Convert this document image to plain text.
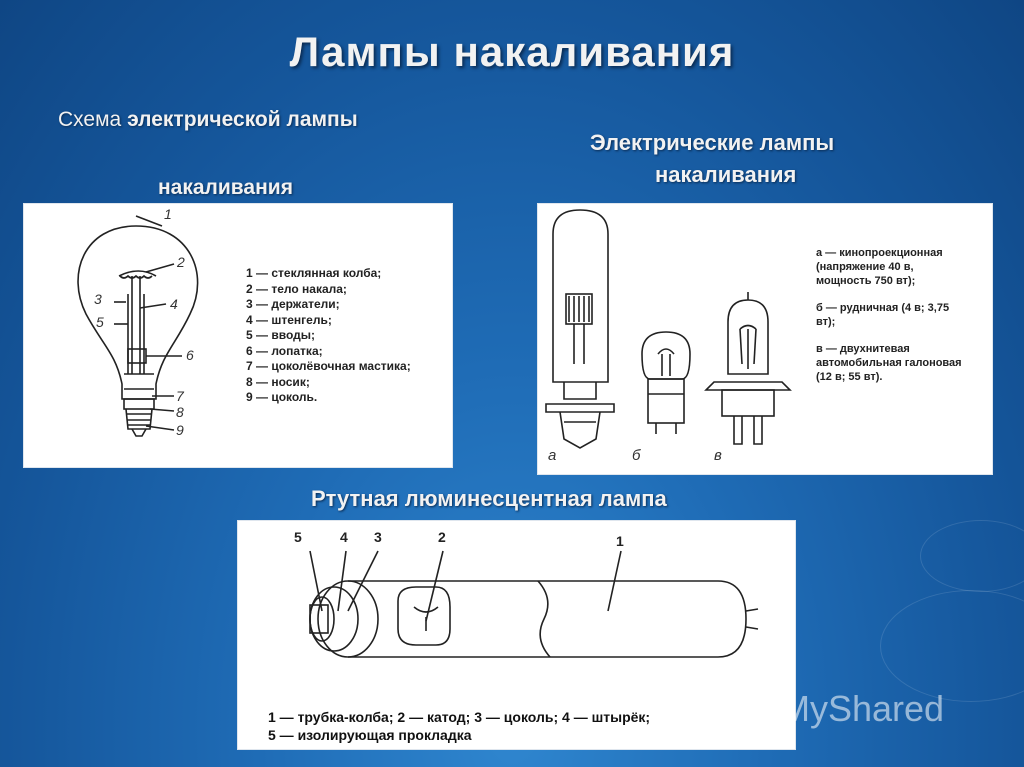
Лампы накаливания
Схема электрической лампы
накаливания
Электрические лампы
накаливания
1
2
3	4
5
6
7
8
9
1 — стеклянная колба;
2 — тело накала;
3 — держатели;
4 — штенгель;
5 — вводы;
6 — лопатка;
7 — цоколёвочная мастика;
8 — носик;
9 — цоколь.
а	б	в
а — кинопроекционная
(напряжение 40 в,
мощность 750 вт);
б — рудничная (4 в; 3,75
вт);
в — двухнитевая
автомобильная галоновая
(12 в; 55 вт).
Ртутная люминесцентная лампа
5	4 3	2	1
1 — трубка-колба; 2 — катод; 3 — цоколь; 4 — штырёк;
5 — изолирующая прокладка
MyShared
